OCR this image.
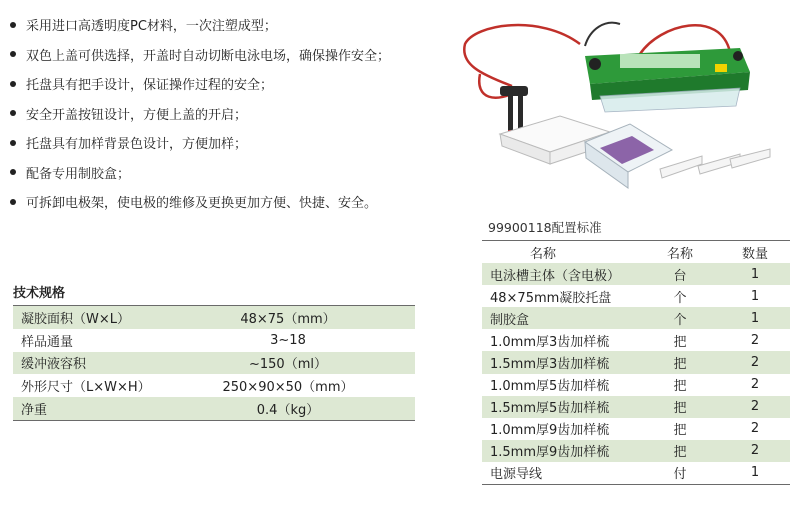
采用进口高透明度PC材料，一次注塑成型；
双色上盖可供选择，开盖时自动切断电泳电场，确保操作安全；
托盘具有把手设计，保证操作过程的安全；
安全开盖按钮设计，方便上盖的开启；
托盘具有加样背景色设计，方便加样；
配备专用制胶盒；
可拆卸电极架，使电极的维修及更换更加方便、快捷、安全。
技术规格
凝胶面积（W×L）	48×75（mm）
样品通量	3~18
缓冲液容积	~150（ml）
外形尺寸（L×W×H）	250×90×50（mm）
净重	0.4（kg）
99900118配置标准
名称	名称	数量
电泳槽主体（含电极）	台	1
48×75mm凝胶托盘	个	1
制胶盒	个	1
1.0mm厚3齿加样梳	把	2
1.5mm厚3齿加样梳	把	2
1.0mm厚5齿加样梳	把	2
1.5mm厚5齿加样梳	把	2
1.0mm厚9齿加样梳	把	2
1.5mm厚9齿加样梳	把	2
电源导线	付	1
